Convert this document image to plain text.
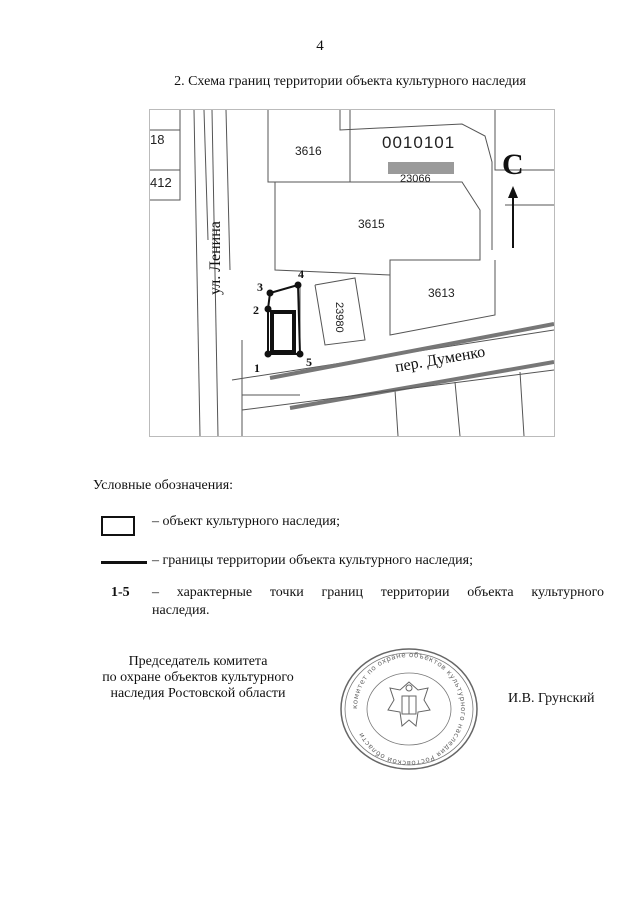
4
2. Схема границ территории объекта культурного наследия
18
412
3616	0010101
23066
3615
3613
23980
ул. Ленина
пер. Думенко
С
1
2
3
4
5
Условные обозначения:
– объект культурного наследия;
– границы территории объекта культурного наследия;
1-5 – характерные точки границ территории объекта культурного
наследия.
Председатель комитета
по охране объектов культурного
наследия Ростовской области
комитет по охране объектов культурного наследия Ростовской области
И.В. Грунский
